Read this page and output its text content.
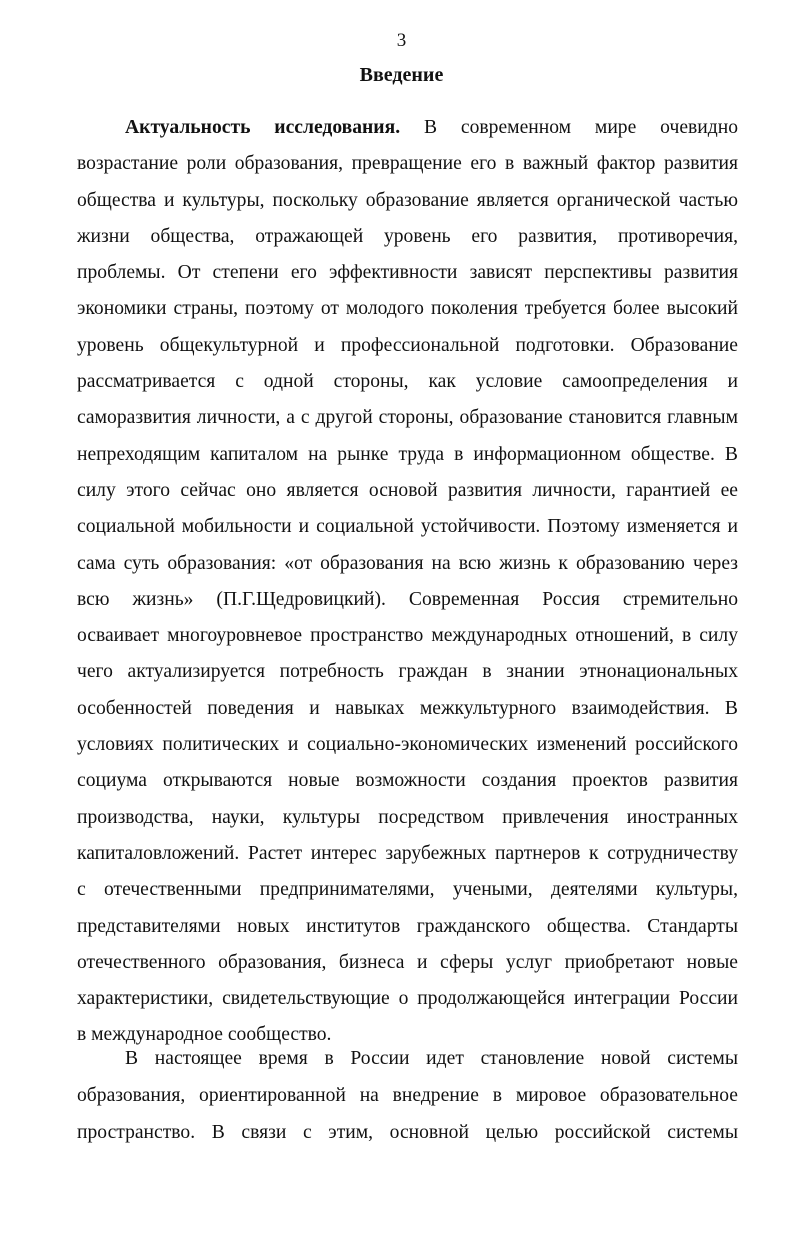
3
Введение
Актуальность исследования. В современном мире очевидно
возрастание роли образования, превращение его в важный фактор развития
общества и культуры, поскольку образование является органической частью
жизни общества, отражающей уровень его развития, противоречия,
проблемы. От степени его эффективности зависят перспективы развития
экономики страны, поэтому от молодого поколения требуется более высокий
уровень общекультурной и профессиональной подготовки. Образование
рассматривается с одной стороны, как условие самоопределения и
саморазвития личности, а с другой стороны, образование становится главным
непреходящим капиталом на рынке труда в информационном обществе. В
силу этого сейчас оно является основой развития личности, гарантией ее
социальной мобильности и социальной устойчивости. Поэтому изменяется и
сама суть образования: «от образования на всю жизнь к образованию через
всю жизнь» (П.Г.Щедровицкий). Современная Россия стремительно
осваивает многоуровневое пространство международных отношений, в силу
чего актуализируется потребность граждан в знании этнонациональных
особенностей поведения и навыках межкультурного взаимодействия. В
условиях политических и социально-экономических изменений российского
социума открываются новые возможности создания проектов развития
производства, науки, культуры посредством привлечения иностранных
капиталовложений. Растет интерес зарубежных партнеров к сотрудничеству
с отечественными предпринимателями, учеными, деятелями культуры,
представителями новых институтов гражданского общества. Стандарты
отечественного образования, бизнеса и сферы услуг приобретают новые
характеристики, свидетельствующие о продолжающейся интеграции России
в международное сообщество.
В настоящее время в России идет становление новой системы
образования, ориентированной на внедрение в мировое образовательное
пространство. В связи с этим, основной целью российской системы
